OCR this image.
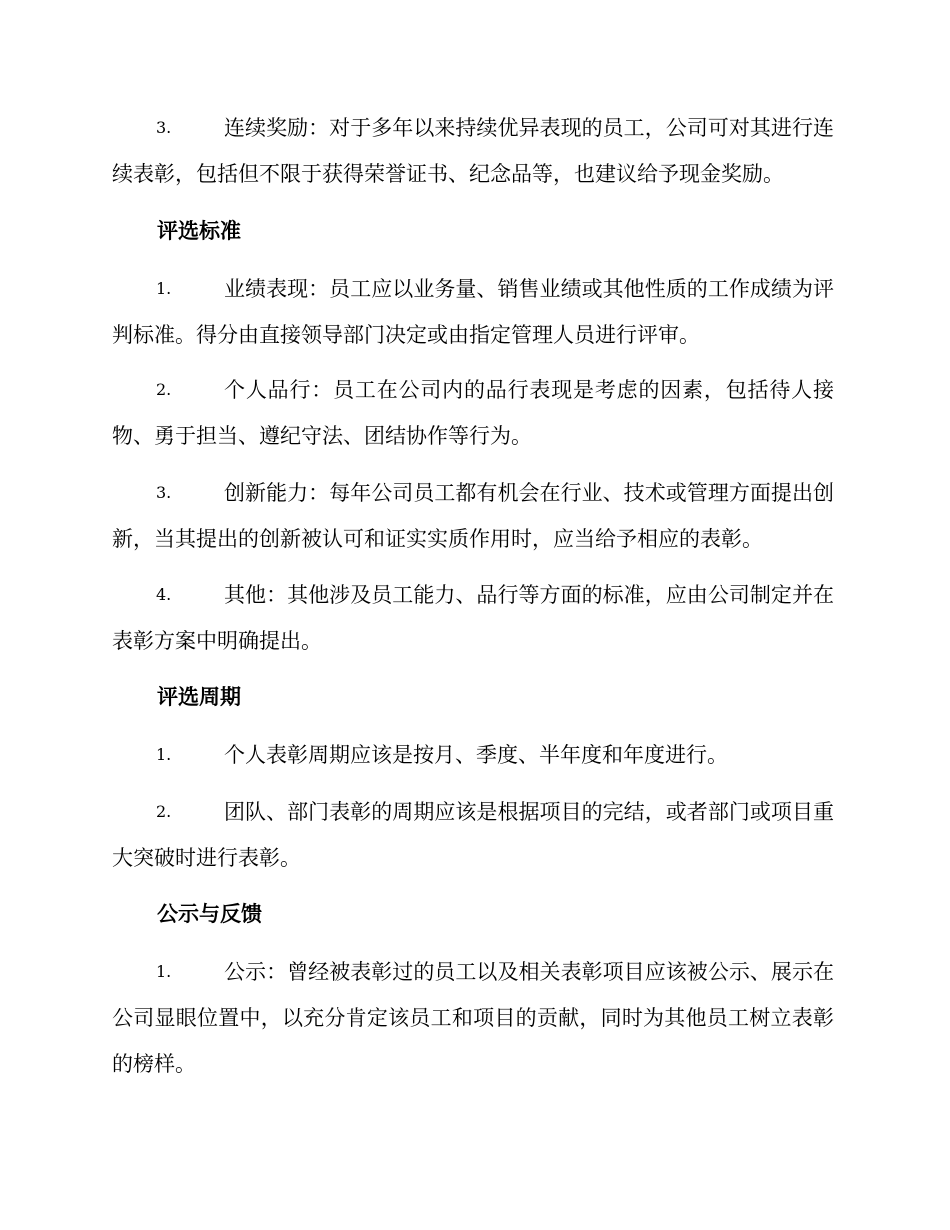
3.	连续奖励：对于多年以来持续优异表现的员工，公司可对其进行连续表彰，包括但不限于获得荣誉证书、纪念品等，也建议给予现金奖励。
评选标准
1.	业绩表现：员工应以业务量、销售业绩或其他性质的工作成绩为评判标准。得分由直接领导部门决定或由指定管理人员进行评审。
2.	个人品行：员工在公司内的品行表现是考虑的因素，包括待人接物、勇于担当、遵纪守法、团结协作等行为。
3.	创新能力：每年公司员工都有机会在行业、技术或管理方面提出创新，当其提出的创新被认可和证实实质作用时，应当给予相应的表彰。
4.	其他：其他涉及员工能力、品行等方面的标准，应由公司制定并在表彰方案中明确提出。
评选周期
1.	个人表彰周期应该是按月、季度、半年度和年度进行。
2.	团队、部门表彰的周期应该是根据项目的完结，或者部门或项目重大突破时进行表彰。
公示与反馈
1.	公示：曾经被表彰过的员工以及相关表彰项目应该被公示、展示在公司显眼位置中，以充分肯定该员工和项目的贡献，同时为其他员工树立表彰的榜样。
